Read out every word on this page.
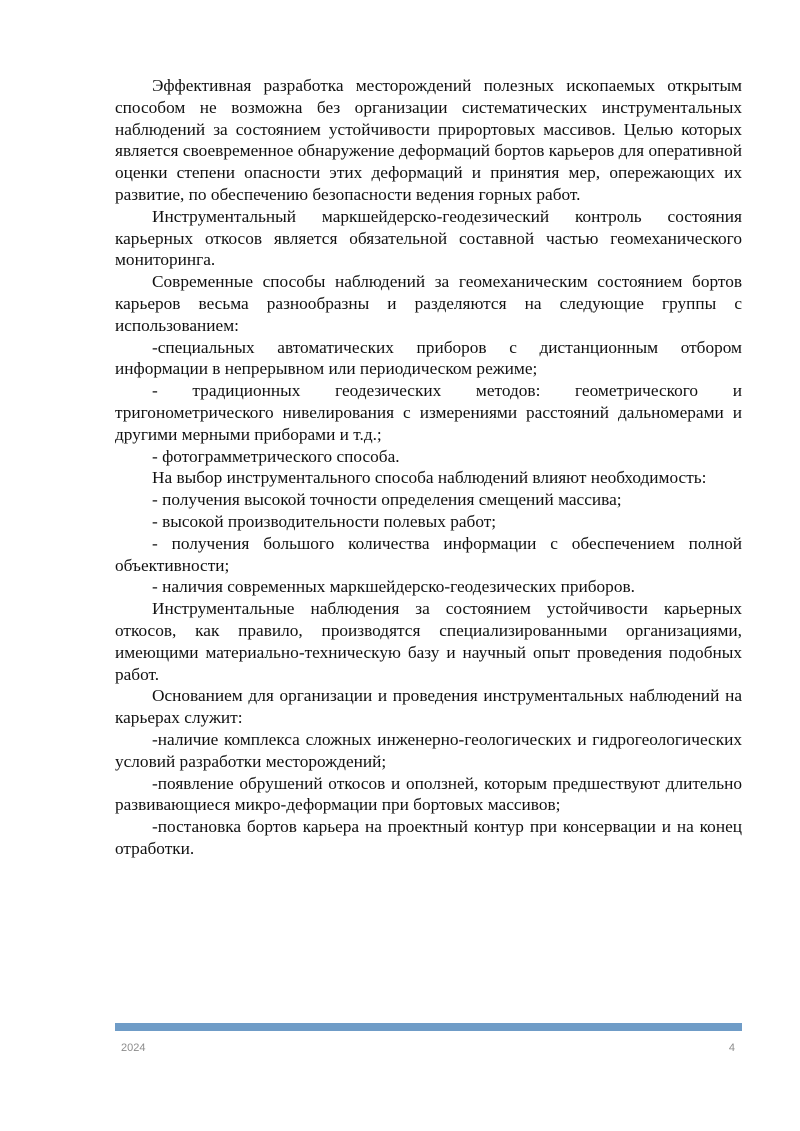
Эффективная разработка месторождений полезных ископаемых открытым способом не возможна без организации систематических инструментальных наблюдений за состоянием устойчивости прирортовых массивов. Целью которых является своевременное обнаружение деформаций бортов карьеров для оперативной оценки степени опасности этих деформаций и принятия мер, опережающих их развитие, по обеспечению безопасности ведения горных работ.

Инструментальный маркшейдерско-геодезический контроль состояния карьерных откосов является обязательной составной частью геомеханического мониторинга.

Современные способы наблюдений за геомеханическим состоянием бортов карьеров весьма разнообразны и разделяются на следующие группы с использованием:

-специальных автоматических приборов с дистанционным отбором информации в непрерывном или периодическом режиме;

- традиционных геодезических методов: геометрического и тригонометрического нивелирования с измерениями расстояний дальномерами и другими мерными приборами и т.д.;

- фотограмметрического способа.

На выбор инструментального способа наблюдений влияют необходимость:

- получения высокой точности определения смещений массива;

- высокой производительности полевых работ;

- получения большого количества информации с обеспечением полной объективности;

- наличия современных маркшейдерско-геодезических приборов.

Инструментальные наблюдения за состоянием устойчивости карьерных откосов, как правило, производятся специализированными организациями, имеющими материально-техническую базу и научный опыт проведения подобных работ.

Основанием для организации и проведения инструментальных наблюдений на карьерах служит:

-наличие комплекса сложных инженерно-геологических и гидрогеологических условий разработки месторождений;

-появление обрушений откосов и оползней, которым предшествуют длительно развивающиеся микро-деформации при бортовых массивов;

-постановка бортов карьера на проектный контур при консервации и на конец отработки.

2024	4
